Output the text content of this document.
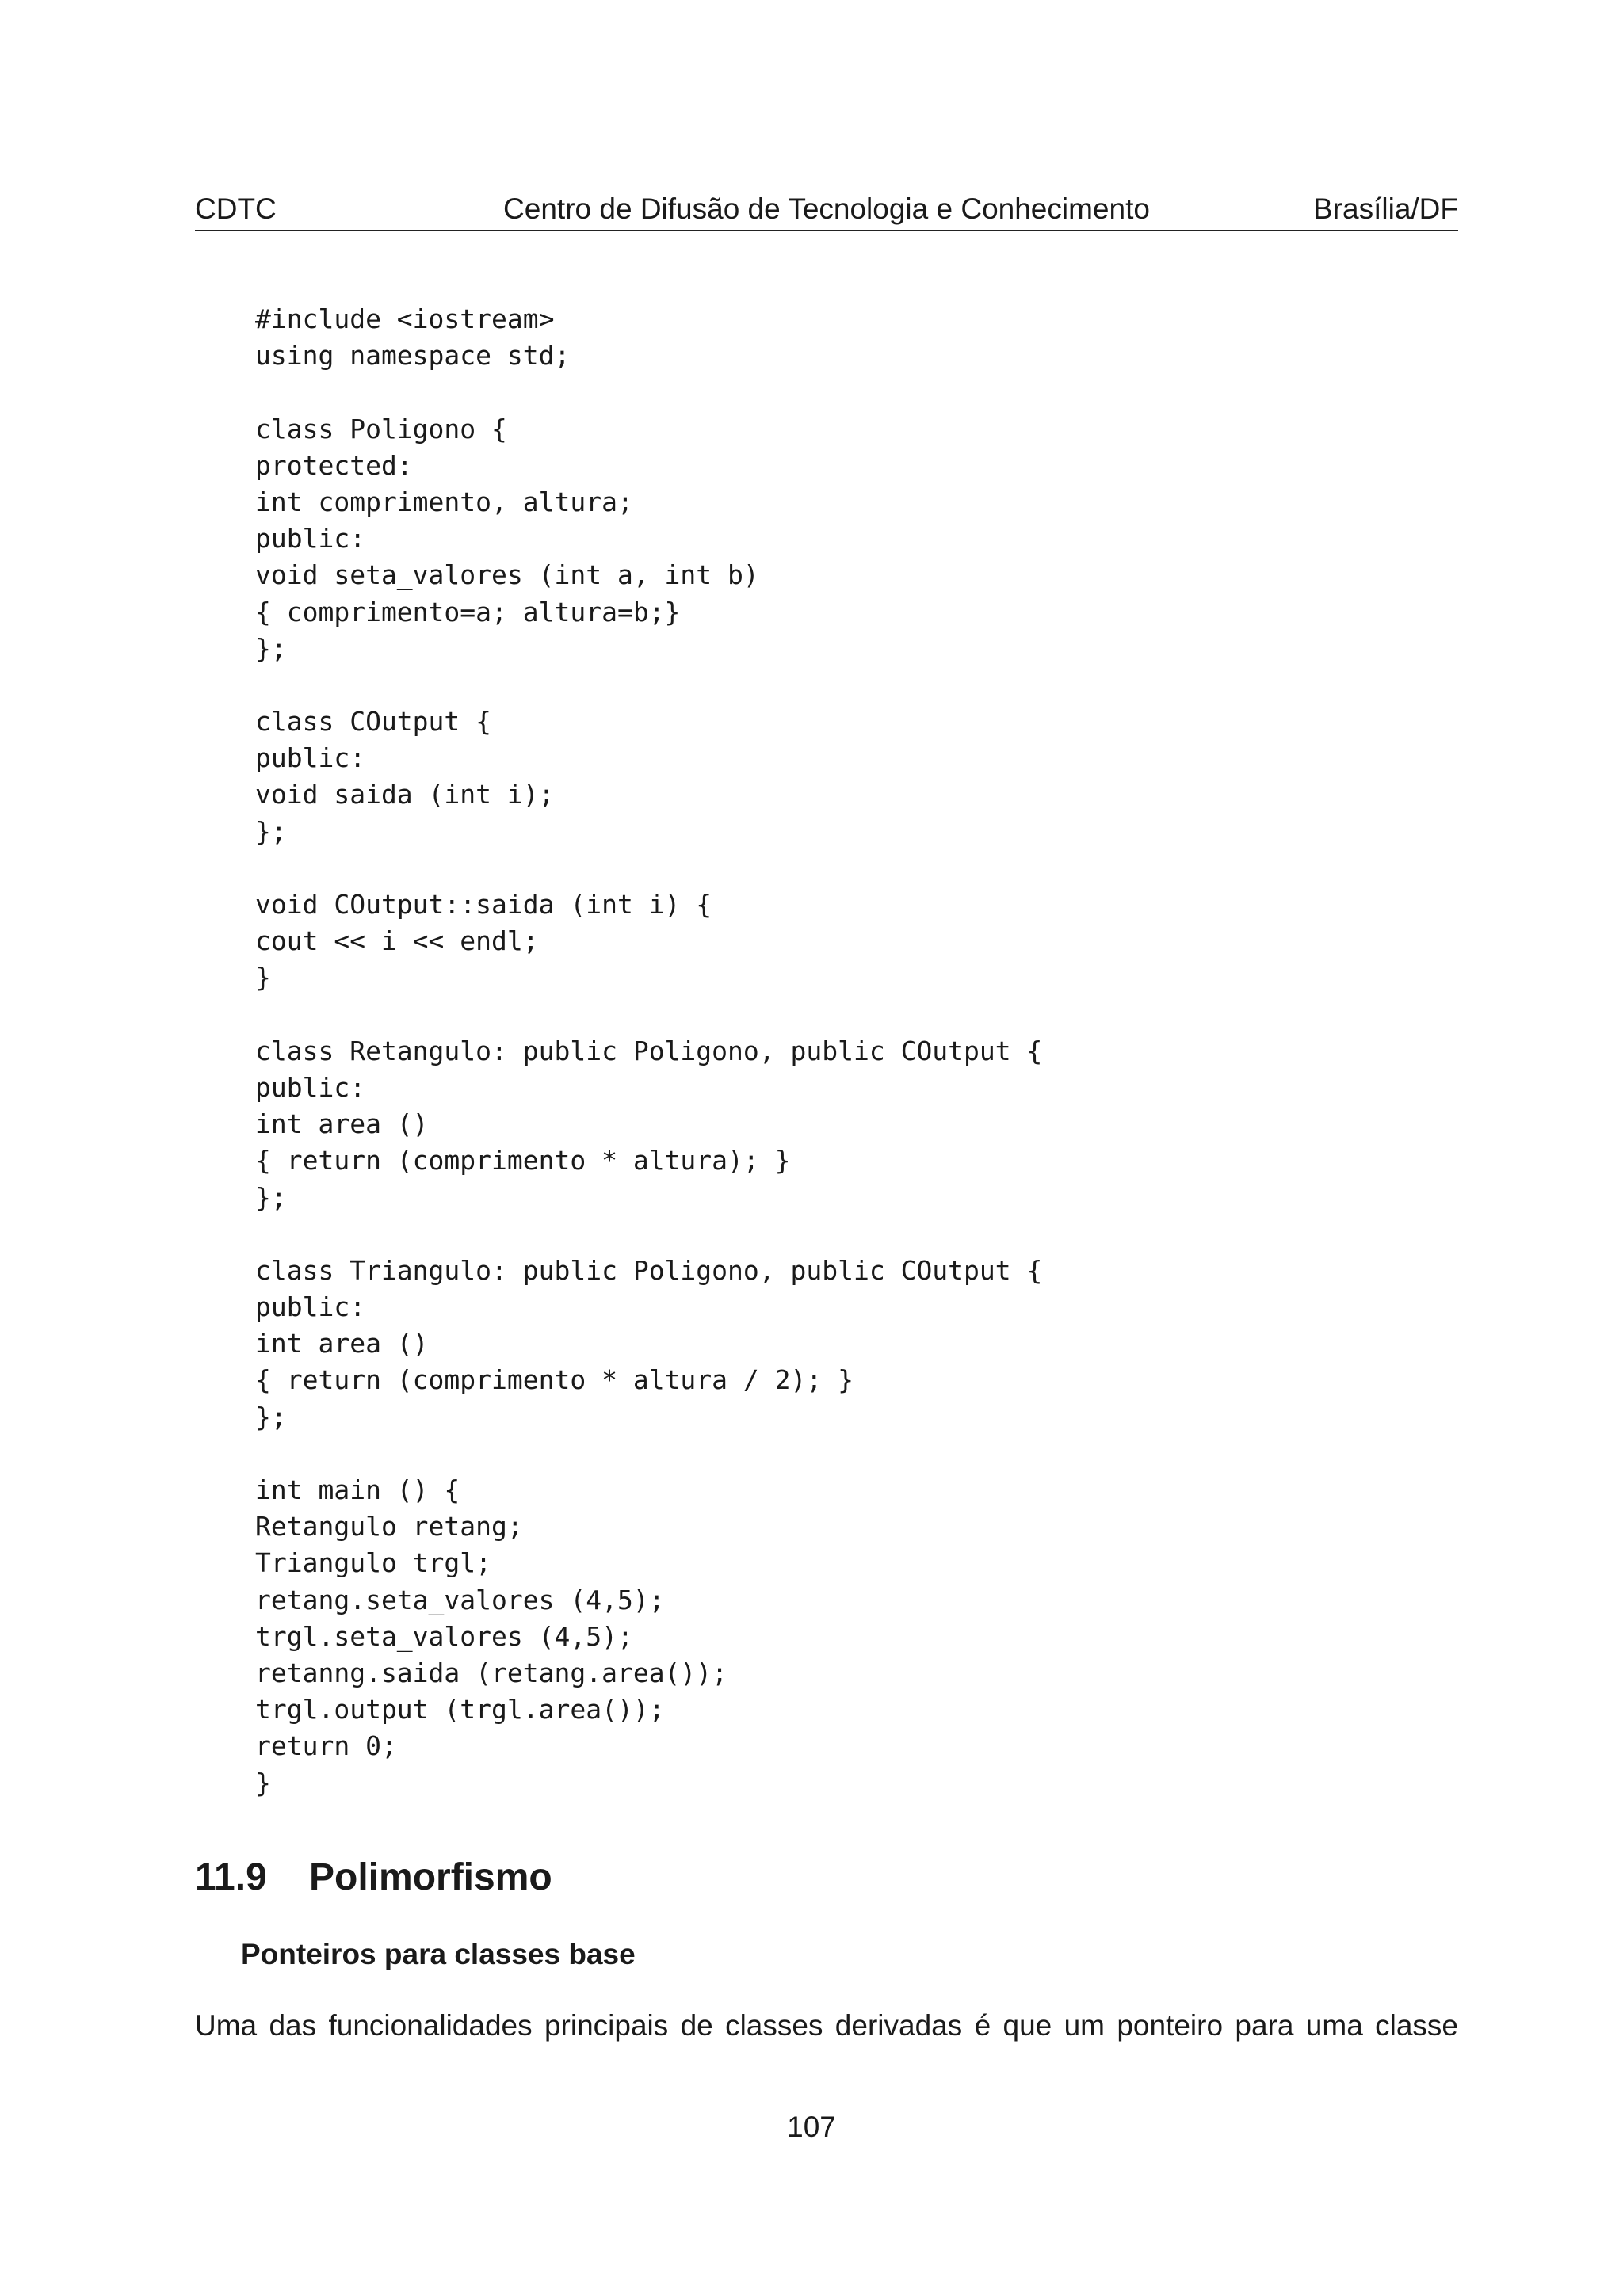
CDTC	Centro de Difusão de Tecnologia e Conhecimento	Brasília/DF
#include <iostream>
using namespace std;

class Poligono {
protected:
int comprimento, altura;
public:
void seta_valores (int a, int b)
{ comprimento=a; altura=b;}
};

class COutput {
public:
void saida (int i);
};

void COutput::saida (int i) {
cout << i << endl;
}

class Retangulo: public Poligono, public COutput {
public:
int area ()
{ return (comprimento * altura); }
};

class Triangulo: public Poligono, public COutput {
public:
int area ()
{ return (comprimento * altura / 2); }
};

int main () {
Retangulo retang;
Triangulo trgl;
retang.seta_valores (4,5);
trgl.seta_valores (4,5);
retanng.saida (retang.area());
trgl.output (trgl.area());
return 0;
}
11.9 Polimorfismo
Ponteiros para classes base

Uma das funcionalidades principais de classes derivadas é que um ponteiro para uma classe

107
